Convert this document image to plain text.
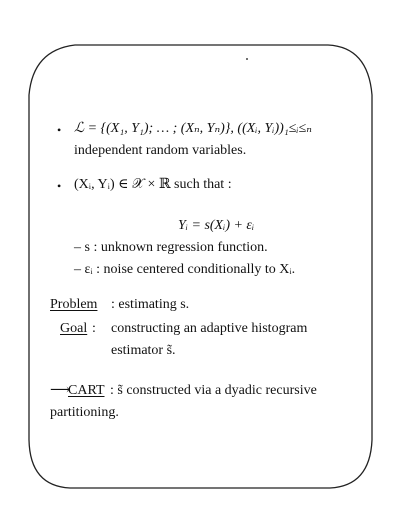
• ℒ = {(X₁, Y₁); … ; (Xₙ, Yₙ)}, ((Xᵢ, Yᵢ))₁≤ᵢ≤ₙ
independent random variables.
• (Xᵢ, Yᵢ) ∈ 𝒳 × ℝ such that :
Yᵢ = s(Xᵢ) + εᵢ
– s : unknown regression function.
– εᵢ : noise centered conditionally to Xᵢ.
Problem : estimating s.
Goal : constructing an adaptive histogram
estimator s̃.
⟶
CART : s̃ constructed via a dyadic recursive
partitioning.
